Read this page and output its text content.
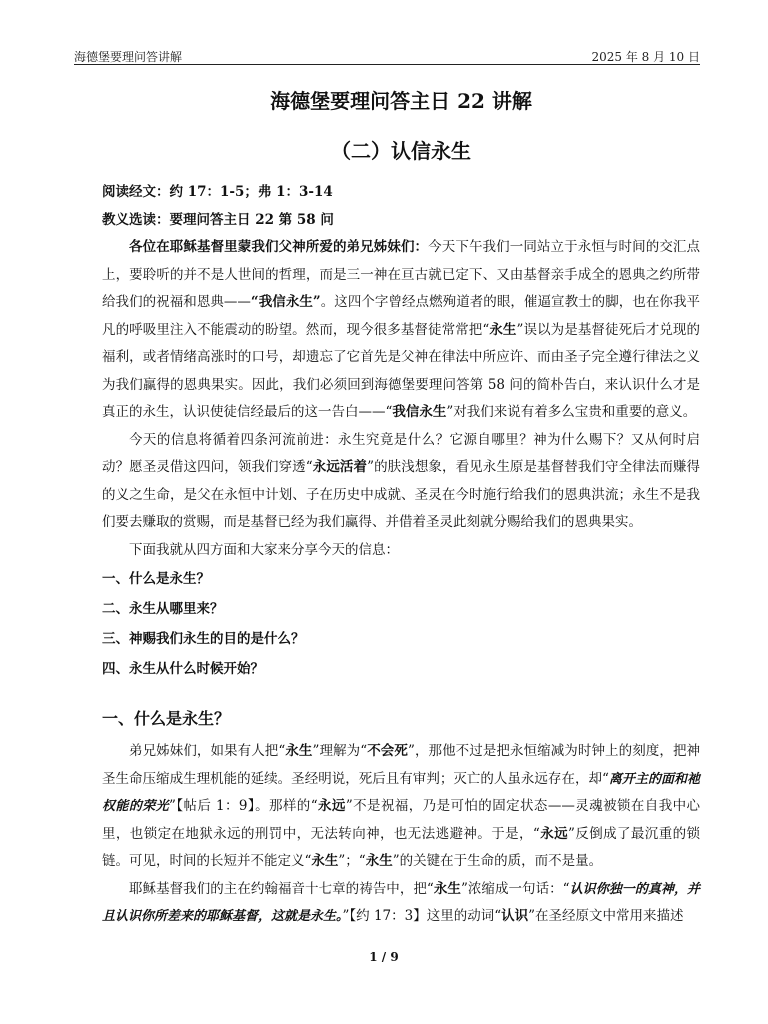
海德堡要理问答讲解	2025 年 8 月 10 日
海德堡要理问答主日 22 讲解
（二）认信永生

阅读经文：约 17：1-5；弗 1：3-14

教义选读：要理问答主日 22 第 58 问

各位在耶稣基督里蒙我们父神所爱的弟兄姊妹们：今天下午我们一同站立于永恒与时间的交汇点上，要聆听的并不是人世间的哲理，而是三一神在亘古就已定下、又由基督亲手成全的恩典之约所带给我们的祝福和恩典——“我信永生”。这四个字曾经点燃殉道者的眼，催逼宣教士的脚，也在你我平凡的呼吸里注入不能震动的盼望。然而，现今很多基督徒常常把“永生”误以为是基督徒死后才兑现的福利，或者情绪高涨时的口号，却遗忘了它首先是父神在律法中所应许、而由圣子完全遵行律法之义为我们赢得的恩典果实。因此，我们必须回到海德堡要理问答第 58 问的简朴告白，来认识什么才是真正的永生，认识使徒信经最后的这一告白——“我信永生”对我们来说有着多么宝贵和重要的意义。

今天的信息将循着四条河流前进：永生究竟是什么？它源自哪里？神为什么赐下？又从何时启动？愿圣灵借这四问，领我们穿透“永远活着”的肤浅想象，看见永生原是基督替我们守全律法而赚得的义之生命，是父在永恒中计划、子在历史中成就、圣灵在今时施行给我们的恩典洪流；永生不是我们要去赚取的赏赐，而是基督已经为我们赢得、并借着圣灵此刻就分赐给我们的恩典果实。

下面我就从四方面和大家来分享今天的信息：

一、什么是永生？

二、永生从哪里来？

三、神赐我们永生的目的是什么？

四、永生从什么时候开始？

一、什么是永生？

弟兄姊妹们，如果有人把“永生”理解为“不会死”，那他不过是把永恒缩减为时钟上的刻度，把神圣生命压缩成生理机能的延续。圣经明说，死后且有审判；灭亡的人虽永远存在，却“离开主的面和祂权能的荣光”【帖后 1：9】。那样的“永远”不是祝福，乃是可怕的固定状态——灵魂被锁在自我中心里，也锁定在地狱永远的刑罚中，无法转向神，也无法逃避神。于是，“永远”反倒成了最沉重的锁链。可见，时间的长短并不能定义“永生”；“永生”的关键在于生命的质，而不是量。

耶稣基督我们的主在约翰福音十七章的祷告中，把“永生”浓缩成一句话：“认识你独一的真神，并且认识你所差来的耶稣基督，这就是永生。”【约 17：3】这里的动词“认识”在圣经原文中常用来描述

1 / 9
